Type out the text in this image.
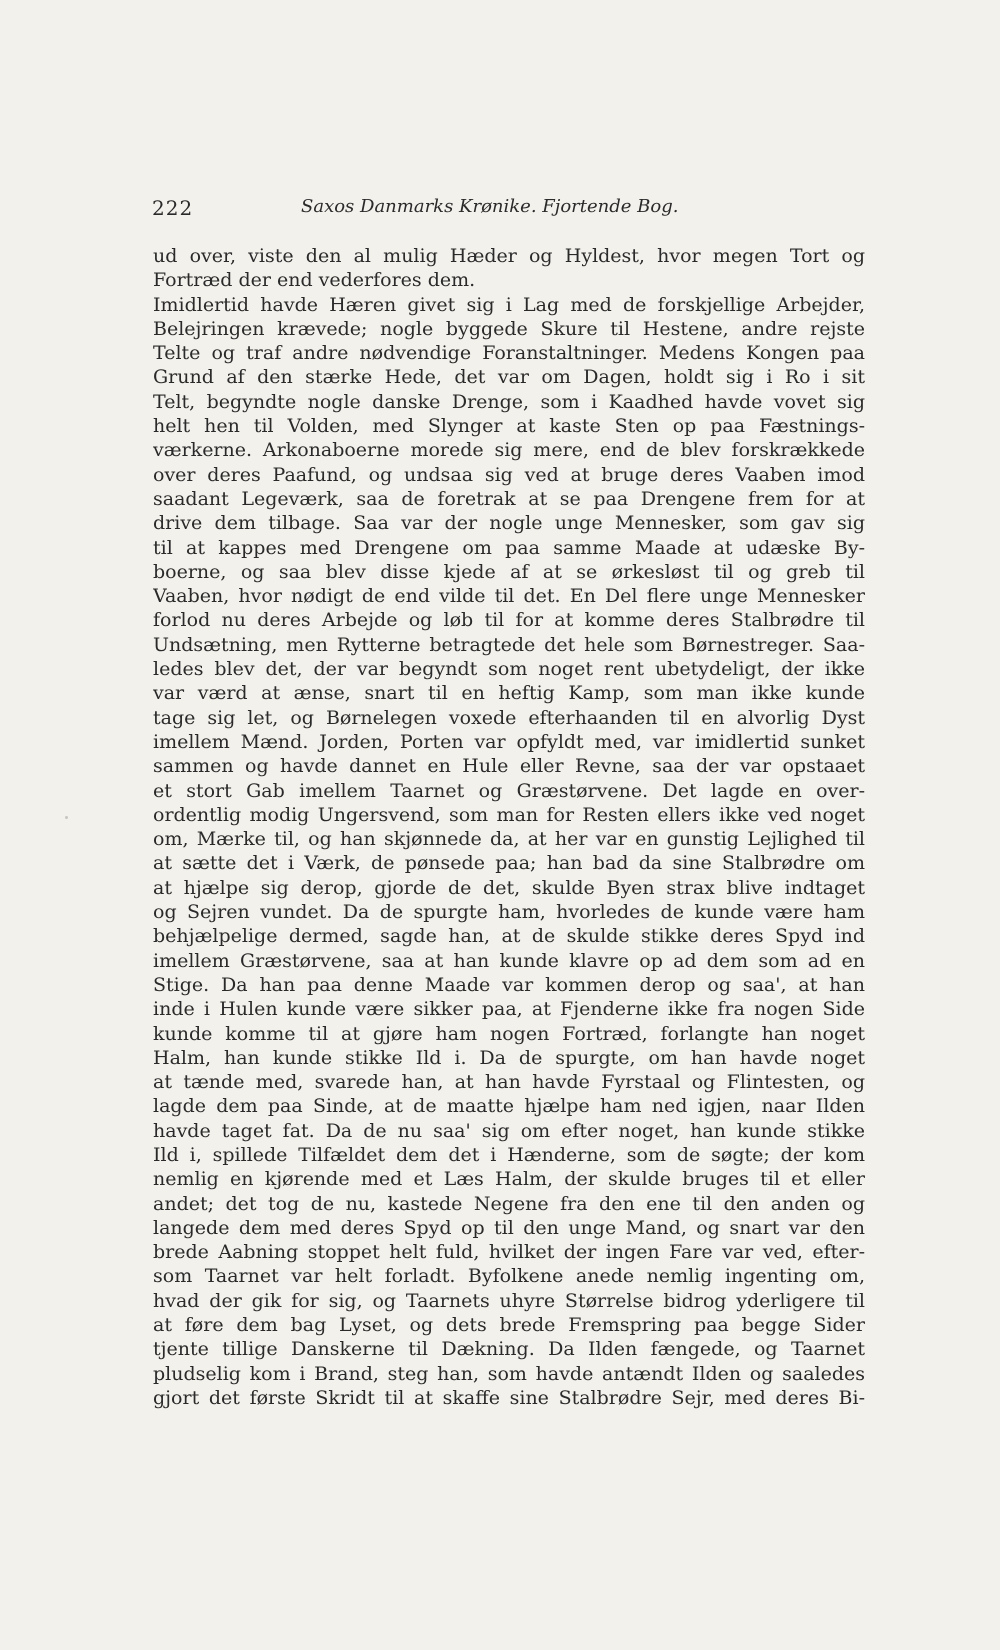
222	Saxos Danmarks Krønike. Fjortende Bog.
ud over, viste den al mulig Hæder og Hyldest, hvor megen Tort og
Fortræd der end vederfores dem.
Imidlertid havde Hæren givet sig i Lag med de forskjellige Arbejder,
Belejringen krævede; nogle byggede Skure til Hestene, andre rejste
Telte og traf andre nødvendige Foranstaltninger. Medens Kongen paa
Grund af den stærke Hede, det var om Dagen, holdt sig i Ro i sit
Telt, begyndte nogle danske Drenge, som i Kaadhed havde vovet sig
helt hen til Volden, med Slynger at kaste Sten op paa Fæstnings-
værkerne. Arkonaboerne morede sig mere, end de blev forskrækkede
over deres Paafund, og undsaa sig ved at bruge deres Vaaben imod
saadant Legeværk, saa de foretrak at se paa Drengene frem for at
drive dem tilbage. Saa var der nogle unge Mennesker, som gav sig
til at kappes med Drengene om paa samme Maade at udæske By-
boerne, og saa blev disse kjede af at se ørkesløst til og greb til
Vaaben, hvor nødigt de end vilde til det. En Del flere unge Mennesker
forlod nu deres Arbejde og løb til for at komme deres Stalbrødre til
Undsætning, men Rytterne betragtede det hele som Børnestreger. Saa-
ledes blev det, der var begyndt som noget rent ubetydeligt, der ikke
var værd at ænse, snart til en heftig Kamp, som man ikke kunde
tage sig let, og Børnelegen voxede efterhaanden til en alvorlig Dyst
imellem Mænd. Jorden, Porten var opfyldt med, var imidlertid sunket
sammen og havde dannet en Hule eller Revne, saa der var opstaaet
et stort Gab imellem Taarnet og Græstørvene. Det lagde en over-
ordentlig modig Ungersvend, som man for Resten ellers ikke ved noget
om, Mærke til, og han skjønnede da, at her var en gunstig Lejlighed til
at sætte det i Værk, de pønsede paa; han bad da sine Stalbrødre om
at hjælpe sig derop, gjorde de det, skulde Byen strax blive indtaget
og Sejren vundet. Da de spurgte ham, hvorledes de kunde være ham
behjælpelige dermed, sagde han, at de skulde stikke deres Spyd ind
imellem Græstørvene, saa at han kunde klavre op ad dem som ad en
Stige. Da han paa denne Maade var kommen derop og saa', at han
inde i Hulen kunde være sikker paa, at Fjenderne ikke fra nogen Side
kunde komme til at gjøre ham nogen Fortræd, forlangte han noget
Halm, han kunde stikke Ild i. Da de spurgte, om han havde noget
at tænde med, svarede han, at han havde Fyrstaal og Flintesten, og
lagde dem paa Sinde, at de maatte hjælpe ham ned igjen, naar Ilden
havde taget fat. Da de nu saa' sig om efter noget, han kunde stikke
Ild i, spillede Tilfældet dem det i Hænderne, som de søgte; der kom
nemlig en kjørende med et Læs Halm, der skulde bruges til et eller
andet; det tog de nu, kastede Negene fra den ene til den anden og
langede dem med deres Spyd op til den unge Mand, og snart var den
brede Aabning stoppet helt fuld, hvilket der ingen Fare var ved, efter-
som Taarnet var helt forladt. Byfolkene anede nemlig ingenting om,
hvad der gik for sig, og Taarnets uhyre Størrelse bidrog yderligere til
at føre dem bag Lyset, og dets brede Fremspring paa begge Sider
tjente tillige Danskerne til Dækning. Da Ilden fængede, og Taarnet
pludselig kom i Brand, steg han, som havde antændt Ilden og saaledes
gjort det første Skridt til at skaffe sine Stalbrødre Sejr, med deres Bi-
